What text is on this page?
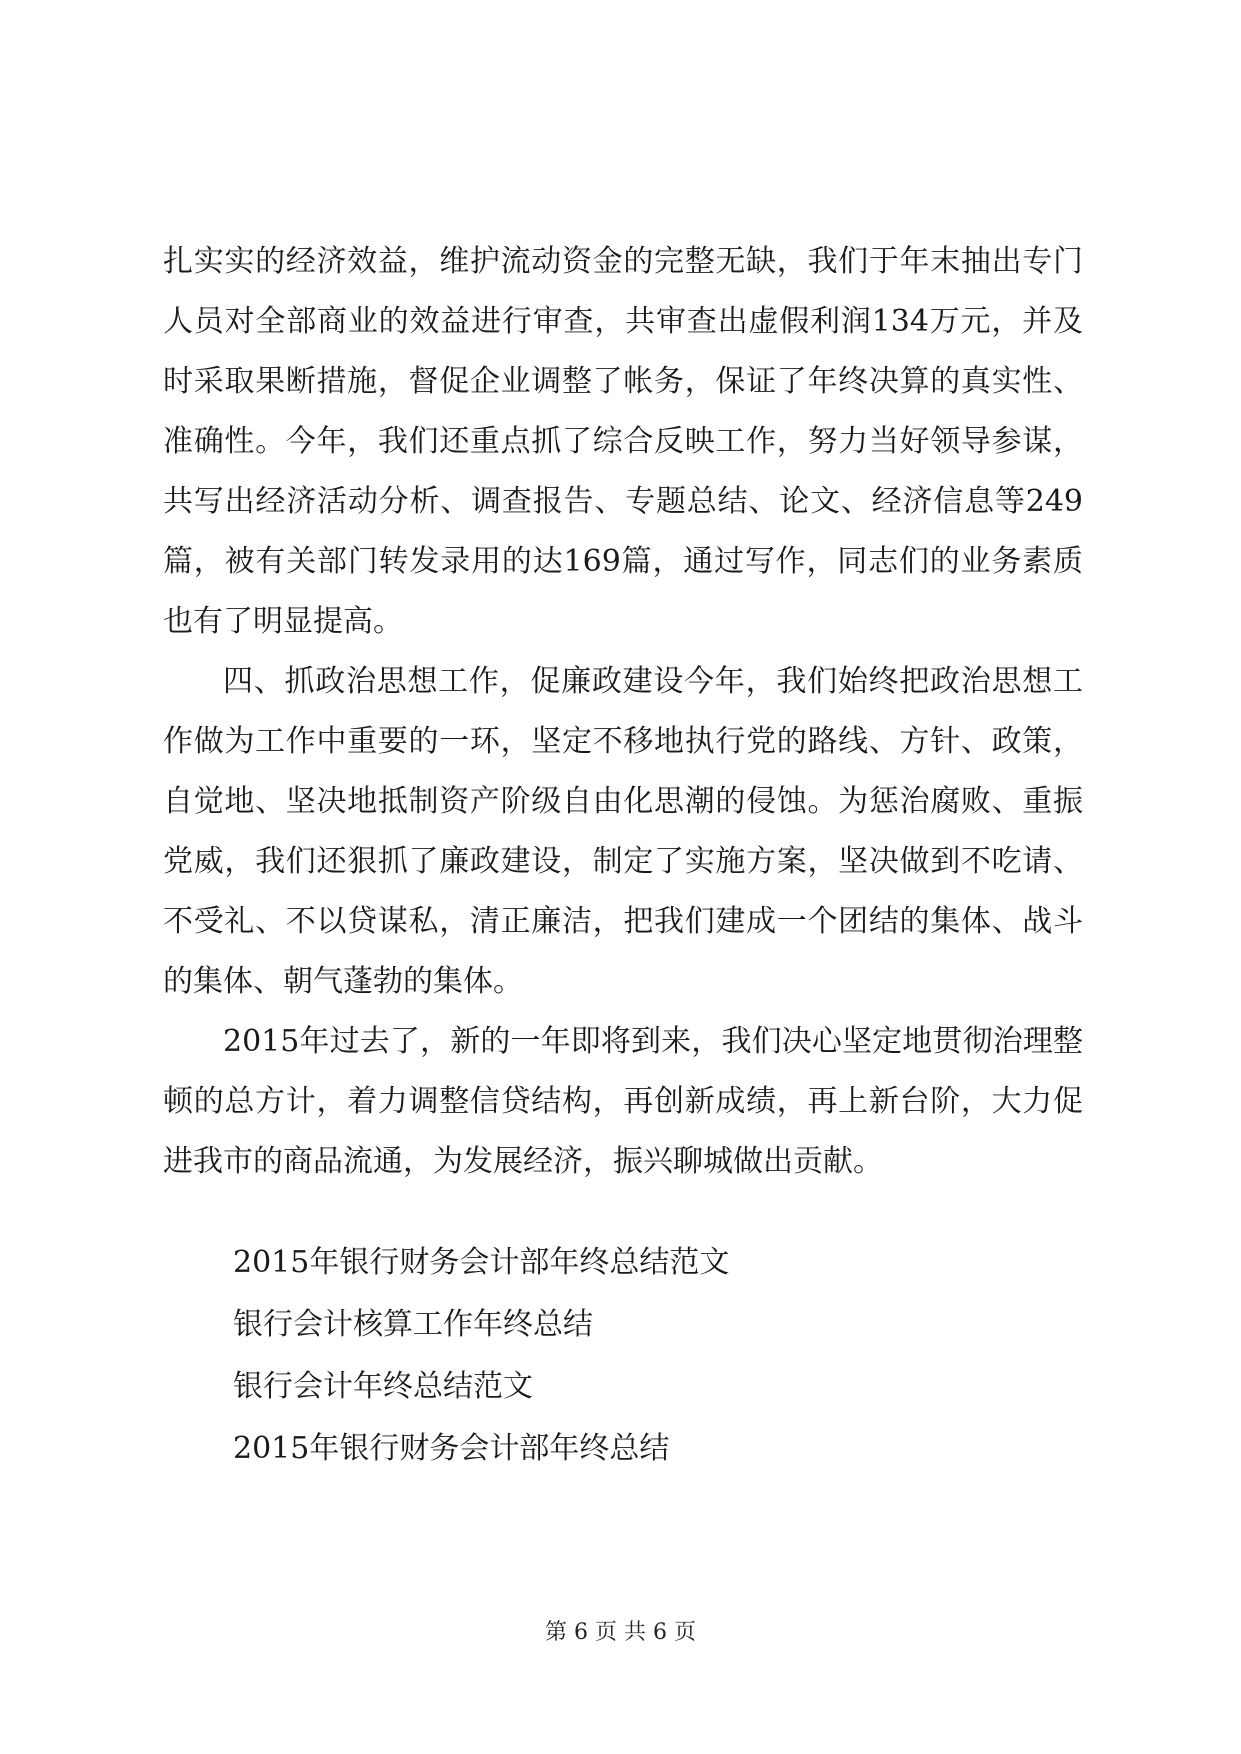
扎实实的经济效益，维护流动资金的完整无缺，我们于年末抽出专门人员对全部商业的效益进行审查，共审查出虚假利润134万元，并及时采取果断措施，督促企业调整了帐务，保证了年终决算的真实性、准确性。今年，我们还重点抓了综合反映工作，努力当好领导参谋，共写出经济活动分析、调查报告、专题总结、论文、经济信息等249篇，被有关部门转发录用的达169篇，通过写作，同志们的业务素质也有了明显提高。

四、抓政治思想工作，促廉政建设今年，我们始终把政治思想工作做为工作中重要的一环，坚定不移地执行党的路线、方针、政策，自觉地、坚决地抵制资产阶级自由化思潮的侵蚀。为惩治腐败、重振党威，我们还狠抓了廉政建设，制定了实施方案，坚决做到不吃请、不受礼、不以贷谋私，清正廉洁，把我们建成一个团结的集体、战斗的集体、朝气蓬勃的集体。

2015年过去了，新的一年即将到来，我们决心坚定地贯彻治理整顿的总方计，着力调整信贷结构，再创新成绩，再上新台阶，大力促进我市的商品流通，为发展经济，振兴聊城做出贡献。

2015年银行财务会计部年终总结范文

银行会计核算工作年终总结

银行会计年终总结范文

2015年银行财务会计部年终总结

第 6 页 共 6 页
